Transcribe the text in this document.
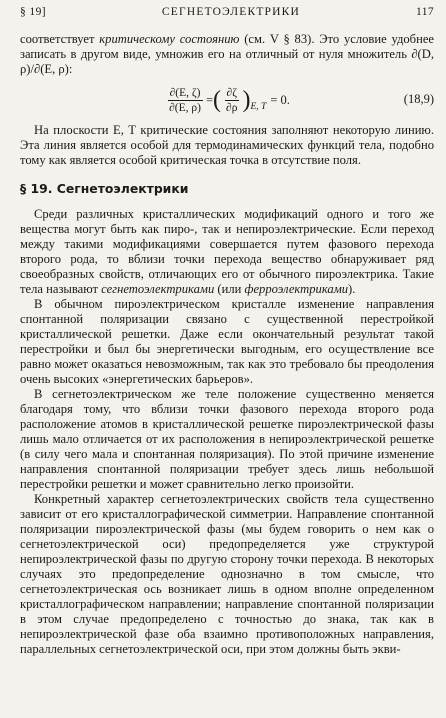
§ 19]	СЕГНЕТОЭЛЕКТРИКИ	117

соответствует критическому состоянию (см. V § 83). Это условие удобнее записать в другом виде, умножив его на отличный от нуля множитель ∂(D, ρ)/∂(E, ρ):

$\frac{\partial(E, \zeta)}{\partial(E, \rho)}$ = ( $\frac{\partial\zeta}{\partial\rho}$ ) E, T
= 0.	(18,9)

На плоскости E, T критические состояния заполняют некоторую линию. Эта линия является особой для термодинамических функций тела, подобно тому как является особой критическая точка в отсутствие поля.

§ 19. Сегнетоэлектрики

Среди различных кристаллических модификаций одного и того же вещества могут быть как пиро-, так и непироэлектрические. Если переход между такими модификациями совершается путем фазового перехода второго рода, то вблизи точки перехода вещество обнаруживает ряд своеобразных свойств, отличающих его от обычного пироэлектрика. Такие тела называют сегнетоэлектриками (или ферроэлектриками).

В обычном пироэлектрическом кристалле изменение направления спонтанной поляризации связано с существенной перестройкой кристаллической решетки. Даже если окончательный результат такой перестройки и был бы энергетически выгодным, его осуществление все равно может оказаться невозможным, так как это требовало бы преодоления очень высоких «энергетических барьеров».

В сегнетоэлектрическом же теле положение существенно меняется благодаря тому, что вблизи точки фазового перехода второго рода расположение атомов в кристаллической решетке пироэлектрической фазы лишь мало отличается от их расположения в непироэлектрической решетке (в силу чего мала и спонтанная поляризация). По этой причине изменение направления спонтанной поляризации требует здесь лишь небольшой перестройки решетки и может сравнительно легко произойти.

Конкретный характер сегнетоэлектрических свойств тела существенно зависит от его кристаллографической симметрии. Направление спонтанной поляризации пироэлектрической фазы (мы будем говорить о нем как о сегнетоэлектрической оси) предопределяется уже структурой непироэлектрической фазы по другую сторону точки перехода. В некоторых случаях это предопределение однозначно в том смысле, что сегнетоэлектрическая ось возникает лишь в одном вполне определенном кристаллографическом направлении; направление спонтанной поляризации в этом случае предопределено с точностью до знака, так как в непироэлектрической фазе оба взаимно противоположных направления, параллельных сегнетоэлектрической оси, при этом должны быть экви-
